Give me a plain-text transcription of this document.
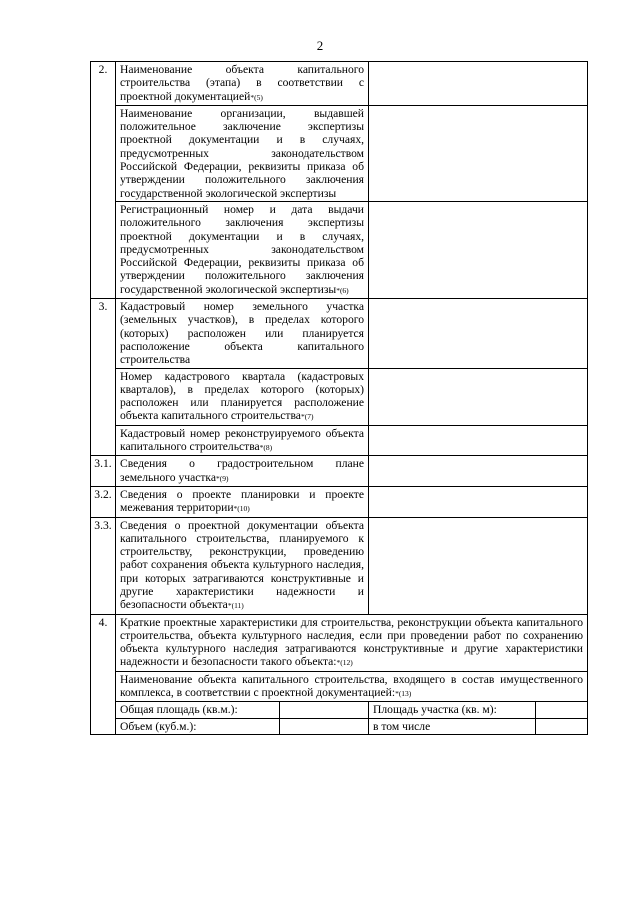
2
2.	Наименование объекта капитального строительства (этапа) в соответствии с проектной документацией*(5)			
	Наименование организации, выдавшей положительное заключение экспертизы проектной документации и в случаях, предусмотренных законодательством Российской Федерации, реквизиты приказа об утверждении положительного заключения государственной экологической экспертизы			
	Регистрационный номер и дата выдачи положительного заключения экспертизы проектной документации и в случаях, предусмотренных законодательством Российской Федерации, реквизиты приказа об утверждении положительного заключения государственной экологической экспертизы*(6)			
3.	Кадастровый номер земельного участка (земельных участков), в пределах которого (которых) расположен или планируется расположение объекта капитального строительства			
	Номер кадастрового квартала (кадастровых кварталов), в пределах которого (которых) расположен или планируется расположение объекта капитального строительства*(7)			
	Кадастровый номер реконструируемого объекта капитального строительства*(8)			
3.1.	Сведения о градостроительном плане земельного участка*(9)			
3.2.	Сведения о проекте планировки и проекте межевания территории*(10)			
3.3.	Сведения о проектной документации объекта капитального строительства, планируемого к строительству, реконструкции, проведению работ сохранения объекта культурного наследия, при которых затрагиваются конструктивные и другие характеристики надежности и безопасности объекта*(11)			
4.	Краткие проектные характеристики для строительства, реконструкции объекта капитального строительства, объекта культурного наследия, если при проведении работ по сохранению объекта культурного наследия затрагиваются конструктивные и другие характеристики надежности и безопасности такого объекта:*(12)			
	Наименование объекта капитального строительства, входящего в состав имущественного комплекса, в соответствии с проектной документацией:*(13)			
	Общая площадь (кв.м.):		Площадь участка (кв. м):	
	Объем (куб.м.):		в том числе	
